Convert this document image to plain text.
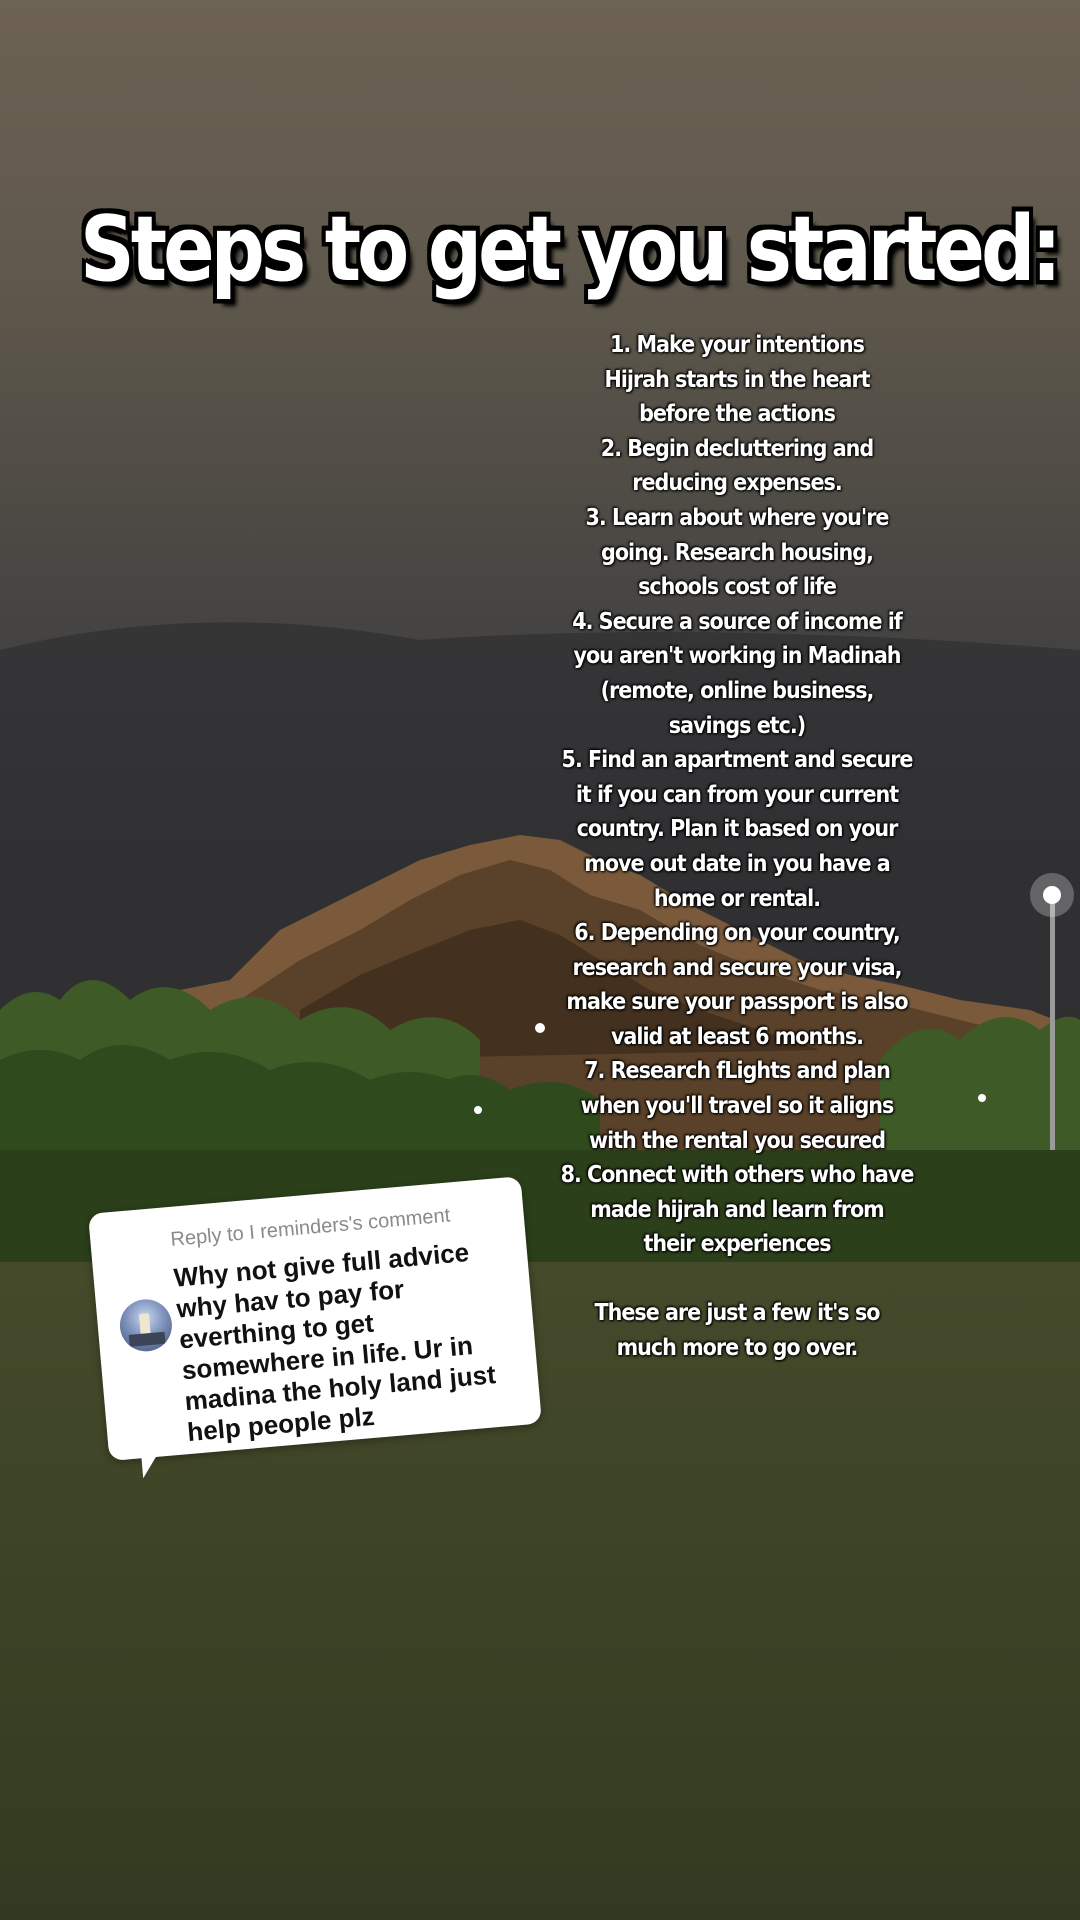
Steps to get you started:
1. Make your intentions
Hijrah starts in the heart
before the actions
2. Begin decluttering and
reducing expenses.
3. Learn about where you're
going. Research housing,
schools cost of life
4. Secure a source of income if
you aren't working in Madinah
(remote, online business,
savings etc.)
5. Find an apartment and secure
it if you can from your current
country. Plan it based on your
move out date in you have a
home or rental.
6. Depending on your country,
research and secure your visa,
make sure your passport is also
valid at least 6 months.
7. Research fLights and plan
when you'll travel so it aligns
with the rental you secured
8. Connect with others who have
made hijrah and learn from
their experiences
These are just a few it's so
much more to go over.
Reply to I reminders's comment
Why not give full advice why hav to pay for everthing to get somewhere in life. Ur in madina the holy land just help people plz
